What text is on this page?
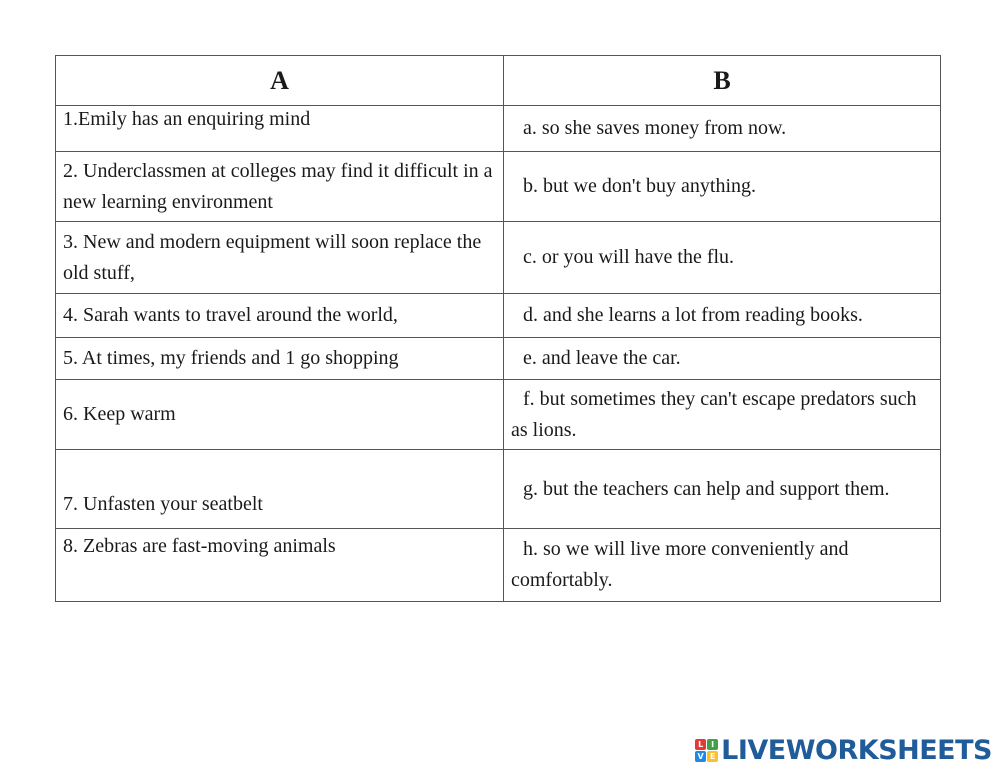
A	B
1.Emily has an enquiring mind	a. so she saves money from now.
2. Underclassmen at colleges may find it difficult in a new learning environment	b. but we don't buy anything.
3. New and modern equipment will soon replace the old stuff,	c. or you will have the flu.
4. Sarah wants to travel around the world,	d. and she learns a lot from reading books.
5. At times, my friends and 1 go shopping	e. and leave the car.
6. Keep warm	f. but sometimes they can't escape predators such as lions.
7. Unfasten your seatbelt	g. but the teachers can help and support them.
8. Zebras are fast-moving animals	h. so we will live more conveniently and comfortably.
L I
V E LIVEWORKSHEETS
